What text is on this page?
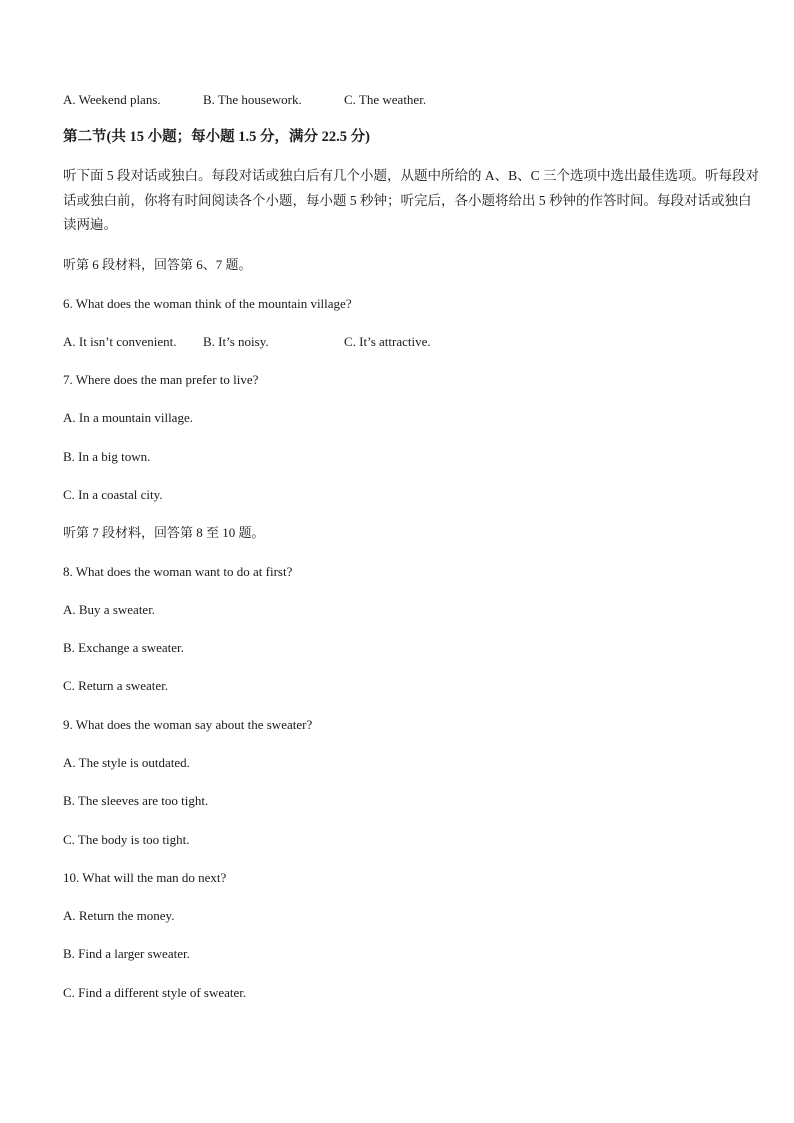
A. Weekend plans.	B. The housework.	C. The weather.
第二节(共 15 小题；每小题 1.5 分，满分 22.5 分)
听下面 5 段对话或独白。每段对话或独白后有几个小题，从题中所给的 A、B、C 三个选项中选出最佳选项。听每段对话或独白前，你将有时间阅读各个小题，每小题 5 秒钟；听完后，各小题将给出 5 秒钟的作答时间。每段对话或独白读两遍。
听第 6 段材料，回答第 6、7 题。
6. What does the woman think of the mountain village?
A. It isn’t convenient. B. It’s noisy.	C. It’s attractive.
7. Where does the man prefer to live?
A. In a mountain village.
B. In a big town.
C. In a coastal city.
听第 7 段材料，回答第 8 至 10 题。
8. What does the woman want to do at first?
A. Buy a sweater.
B. Exchange a sweater.
C. Return a sweater.
9. What does the woman say about the sweater?
A. The style is outdated.
B. The sleeves are too tight.
C. The body is too tight.
10. What will the man do next?
A. Return the money.
B. Find a larger sweater.
C. Find a different style of sweater.
